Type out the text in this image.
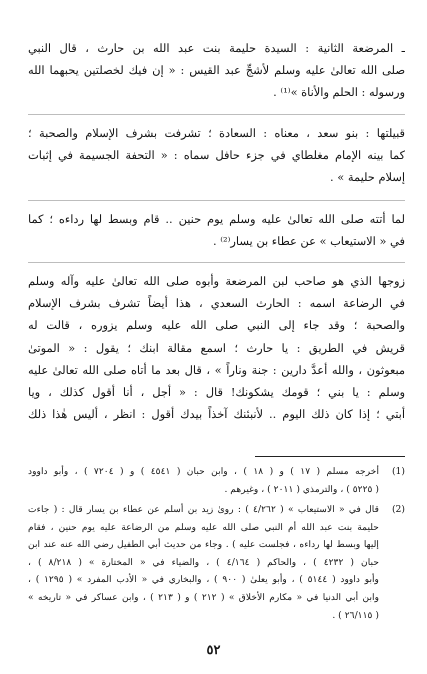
ـ المرضعة الثانية : السيدة حليمة بنت عبد الله بن حارث ، قال النبي
صلى الله تعالىٰ عليه وسلم لأشجِّ عبد القيس : « إن فيك لخصلتين يحبهما الله
ورسوله : الحلم والأناة »⁽¹⁾ .
قبيلتها : بنو سعد ، معناه : السعادة ؛ تشرفت بشرف الإسلام والصحبة ؛
كما بينه الإمام مغلطاي في جزء حافل سماه : « التحفة الجسيمة في إثبات
إسلام حليمة » .
لما أتته صلى الله تعالىٰ عليه وسلم يوم حنين .. قام وبسط لها رداءه ؛ كما
في « الاستيعاب » عن عطاء بن يسار⁽²⁾ .
زوجها الذي هو صاحب لبن المرضعة وأبوه صلى الله تعالىٰ عليه وآله وسلم
في الرضاعة اسمه : الحارث السعدي ، هذا أيضاً تشرف بشرف الإسلام
والصحبة ؛ وقد جاء إلى النبي صلى الله عليه وسلم يزوره ، قالت له
قريش في الطريق : يا حارث ؛ اسمع مقالة ابنك ؛ يقول : « الموتىٰ
مبعوثون ، والله أعدَّ دارين : جنة وناراً » ، قال بعد ما أتاه صلى الله تعالىٰ عليه
وسلم : يا بني ؛ قومك يشكونك! قال : « أجل ، أنا أقول كذلك ، ويا
أبتي ؛ إذا كان ذلك اليوم .. لأنبئنك آخذاً بيدك أقول : انظر ، أليس هٰذا ذلك
(1)
أخرجه مسلم ( ١٧ ) و ( ١٨ ) ، وابن حبان ( ٤٥٤١ ) و ( ٧٢٠٤ ) ، وأبو داوود
( ٥٢٢٥ ) ، والترمذي ( ٢٠١١ ) ، وغيرهم .
(2)
قال في « الاستيعاب » ( ٤/٢٦٢ ) : روىٰ زيد بن أسلم عن عطاء بن يسار قال : ( جاءت
حليمة بنت عبد الله أم النبي صلى الله عليه وسلم من الرضاعة عليه يوم حنين ، فقام
إليها وبسط لها رداءه ، فجلست عليه ) . وجاء من حديث أبي الطفيل رضي الله عنه عند ابن
حبان ( ٤٢٣٢ ) ، والحاكم ( ٤/١٦٤ ) ، والضياء في « المختارة » ( ٨/٢١٨ ) ،
وأبو داوود ( ٥١٤٤ ) ، وأبو يعلىٰ ( ٩٠٠ ) ، والبخاري في « الأدب المفرد » ( ١٢٩٥ ) ،
وابن أبي الدنيا في « مكارم الأخلاق » ( ٢١٢ ) و ( ٢١٣ ) ، وابن عساكر في « تاريخه »
( ٢٦/١١٥ ) .
٥٢
